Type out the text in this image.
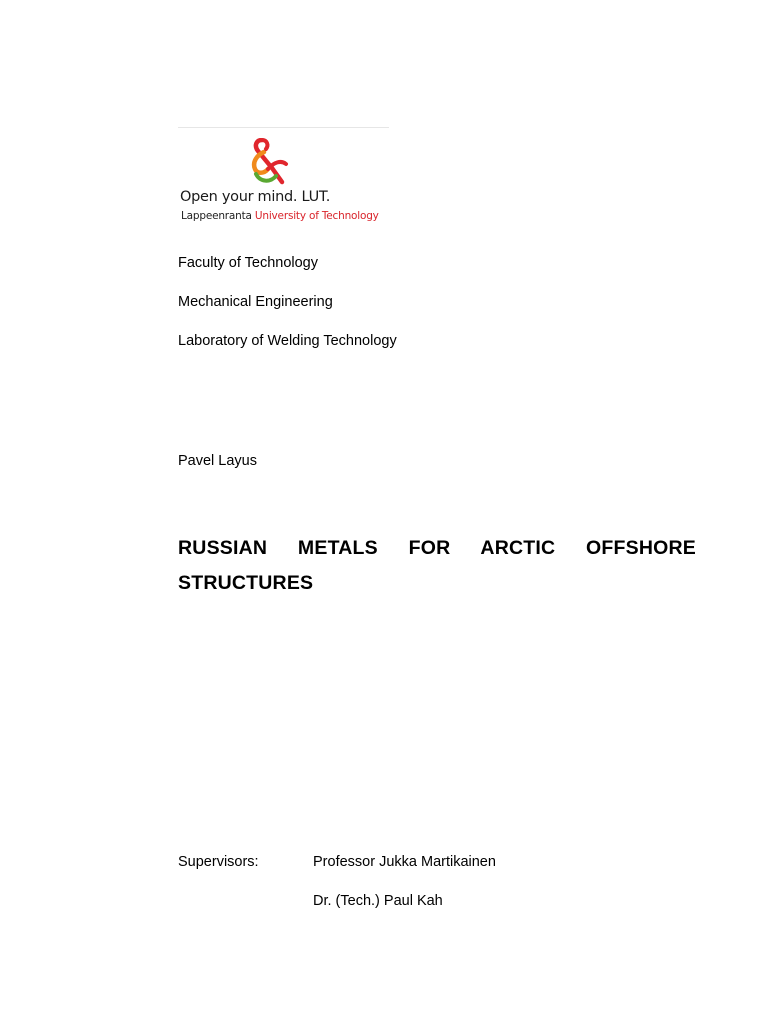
Open your mind. LUT.
Lappeenranta University of Technology
Faculty of Technology
Mechanical Engineering
Laboratory of Welding Technology
Pavel Layus
RUSSIAN METALS FOR ARCTIC OFFSHORE STRUCTURES
Supervisors:	Professor Jukka Martikainen
Dr. (Tech.) Paul Kah
